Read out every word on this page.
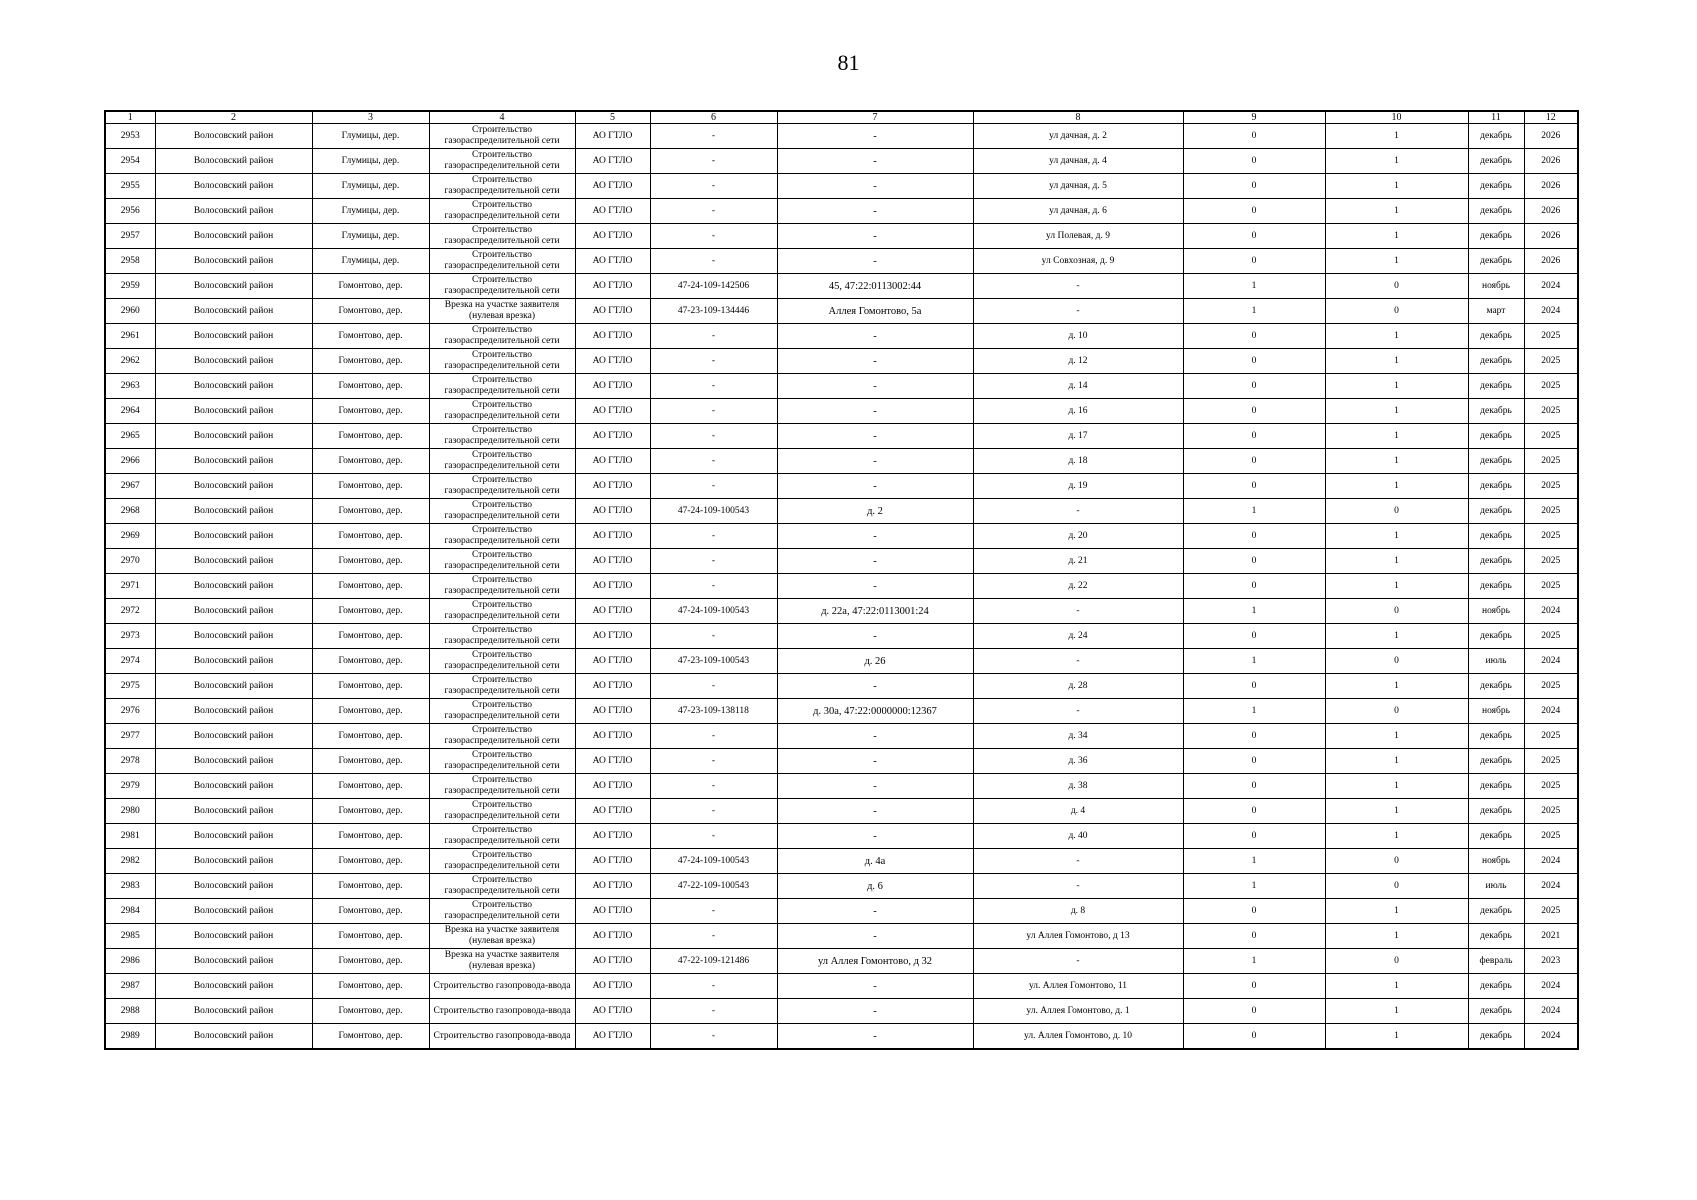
81
1	2	3	4	5	6	7	8	9	10	11	12
2953	Волосовский район	Глумицы, дер.	Строительство газораспределительной сети	АО ГТЛО	-	-	ул дачная, д. 2	0	1	декабрь	2026
2954	Волосовский район	Глумицы, дер.	Строительство газораспределительной сети	АО ГТЛО	-	-	ул дачная, д. 4	0	1	декабрь	2026
2955	Волосовский район	Глумицы, дер.	Строительство газораспределительной сети	АО ГТЛО	-	-	ул дачная, д. 5	0	1	декабрь	2026
2956	Волосовский район	Глумицы, дер.	Строительство газораспределительной сети	АО ГТЛО	-	-	ул дачная, д. 6	0	1	декабрь	2026
2957	Волосовский район	Глумицы, дер.	Строительство газораспределительной сети	АО ГТЛО	-	-	ул Полевая, д. 9	0	1	декабрь	2026
2958	Волосовский район	Глумицы, дер.	Строительство газораспределительной сети	АО ГТЛО	-	-	ул Совхозная, д. 9	0	1	декабрь	2026
2959	Волосовский район	Гомонтово, дер.	Строительство газораспределительной сети	АО ГТЛО	47-24-109-142506	45, 47:22:0113002:44	-	1	0	ноябрь	2024
2960	Волосовский район	Гомонтово, дер.	Врезка на участке заявителя (нулевая врезка)	АО ГТЛО	47-23-109-134446	Аллея Гомонтово, 5а	-	1	0	март	2024
2961	Волосовский район	Гомонтово, дер.	Строительство газораспределительной сети	АО ГТЛО	-	-	д. 10	0	1	декабрь	2025
2962	Волосовский район	Гомонтово, дер.	Строительство газораспределительной сети	АО ГТЛО	-	-	д. 12	0	1	декабрь	2025
2963	Волосовский район	Гомонтово, дер.	Строительство газораспределительной сети	АО ГТЛО	-	-	д. 14	0	1	декабрь	2025
2964	Волосовский район	Гомонтово, дер.	Строительство газораспределительной сети	АО ГТЛО	-	-	д. 16	0	1	декабрь	2025
2965	Волосовский район	Гомонтово, дер.	Строительство газораспределительной сети	АО ГТЛО	-	-	д. 17	0	1	декабрь	2025
2966	Волосовский район	Гомонтово, дер.	Строительство газораспределительной сети	АО ГТЛО	-	-	д. 18	0	1	декабрь	2025
2967	Волосовский район	Гомонтово, дер.	Строительство газораспределительной сети	АО ГТЛО	-	-	д. 19	0	1	декабрь	2025
2968	Волосовский район	Гомонтово, дер.	Строительство газораспределительной сети	АО ГТЛО	47-24-109-100543	д. 2	-	1	0	декабрь	2025
2969	Волосовский район	Гомонтово, дер.	Строительство газораспределительной сети	АО ГТЛО	-	-	д. 20	0	1	декабрь	2025
2970	Волосовский район	Гомонтово, дер.	Строительство газораспределительной сети	АО ГТЛО	-	-	д. 21	0	1	декабрь	2025
2971	Волосовский район	Гомонтово, дер.	Строительство газораспределительной сети	АО ГТЛО	-	-	д. 22	0	1	декабрь	2025
2972	Волосовский район	Гомонтово, дер.	Строительство газораспределительной сети	АО ГТЛО	47-24-109-100543	д. 22а, 47:22:0113001:24	-	1	0	ноябрь	2024
2973	Волосовский район	Гомонтово, дер.	Строительство газораспределительной сети	АО ГТЛО	-	-	д. 24	0	1	декабрь	2025
2974	Волосовский район	Гомонтово, дер.	Строительство газораспределительной сети	АО ГТЛО	47-23-109-100543	д. 26	-	1	0	июль	2024
2975	Волосовский район	Гомонтово, дер.	Строительство газораспределительной сети	АО ГТЛО	-	-	д. 28	0	1	декабрь	2025
2976	Волосовский район	Гомонтово, дер.	Строительство газораспределительной сети	АО ГТЛО	47-23-109-138118	д. 30а, 47:22:0000000:12367	-	1	0	ноябрь	2024
2977	Волосовский район	Гомонтово, дер.	Строительство газораспределительной сети	АО ГТЛО	-	-	д. 34	0	1	декабрь	2025
2978	Волосовский район	Гомонтово, дер.	Строительство газораспределительной сети	АО ГТЛО	-	-	д. 36	0	1	декабрь	2025
2979	Волосовский район	Гомонтово, дер.	Строительство газораспределительной сети	АО ГТЛО	-	-	д. 38	0	1	декабрь	2025
2980	Волосовский район	Гомонтово, дер.	Строительство газораспределительной сети	АО ГТЛО	-	-	д. 4	0	1	декабрь	2025
2981	Волосовский район	Гомонтово, дер.	Строительство газораспределительной сети	АО ГТЛО	-	-	д. 40	0	1	декабрь	2025
2982	Волосовский район	Гомонтово, дер.	Строительство газораспределительной сети	АО ГТЛО	47-24-109-100543	д. 4а	-	1	0	ноябрь	2024
2983	Волосовский район	Гомонтово, дер.	Строительство газораспределительной сети	АО ГТЛО	47-22-109-100543	д. 6	-	1	0	июль	2024
2984	Волосовский район	Гомонтово, дер.	Строительство газораспределительной сети	АО ГТЛО	-	-	д. 8	0	1	декабрь	2025
2985	Волосовский район	Гомонтово, дер.	Врезка на участке заявителя (нулевая врезка)	АО ГТЛО	-	-	ул Аллея Гомонтово, д 13	0	1	декабрь	2021
2986	Волосовский район	Гомонтово, дер.	Врезка на участке заявителя (нулевая врезка)	АО ГТЛО	47-22-109-121486	ул Аллея Гомонтово, д 32	-	1	0	февраль	2023
2987	Волосовский район	Гомонтово, дер.	Строительство газопровода-ввода	АО ГТЛО	-	-	ул. Аллея Гомонтово, 11	0	1	декабрь	2024
2988	Волосовский район	Гомонтово, дер.	Строительство газопровода-ввода	АО ГТЛО	-	-	ул. Аллея Гомонтово, д. 1	0	1	декабрь	2024
2989	Волосовский район	Гомонтово, дер.	Строительство газопровода-ввода	АО ГТЛО	-	-	ул. Аллея Гомонтово, д. 10	0	1	декабрь	2024
